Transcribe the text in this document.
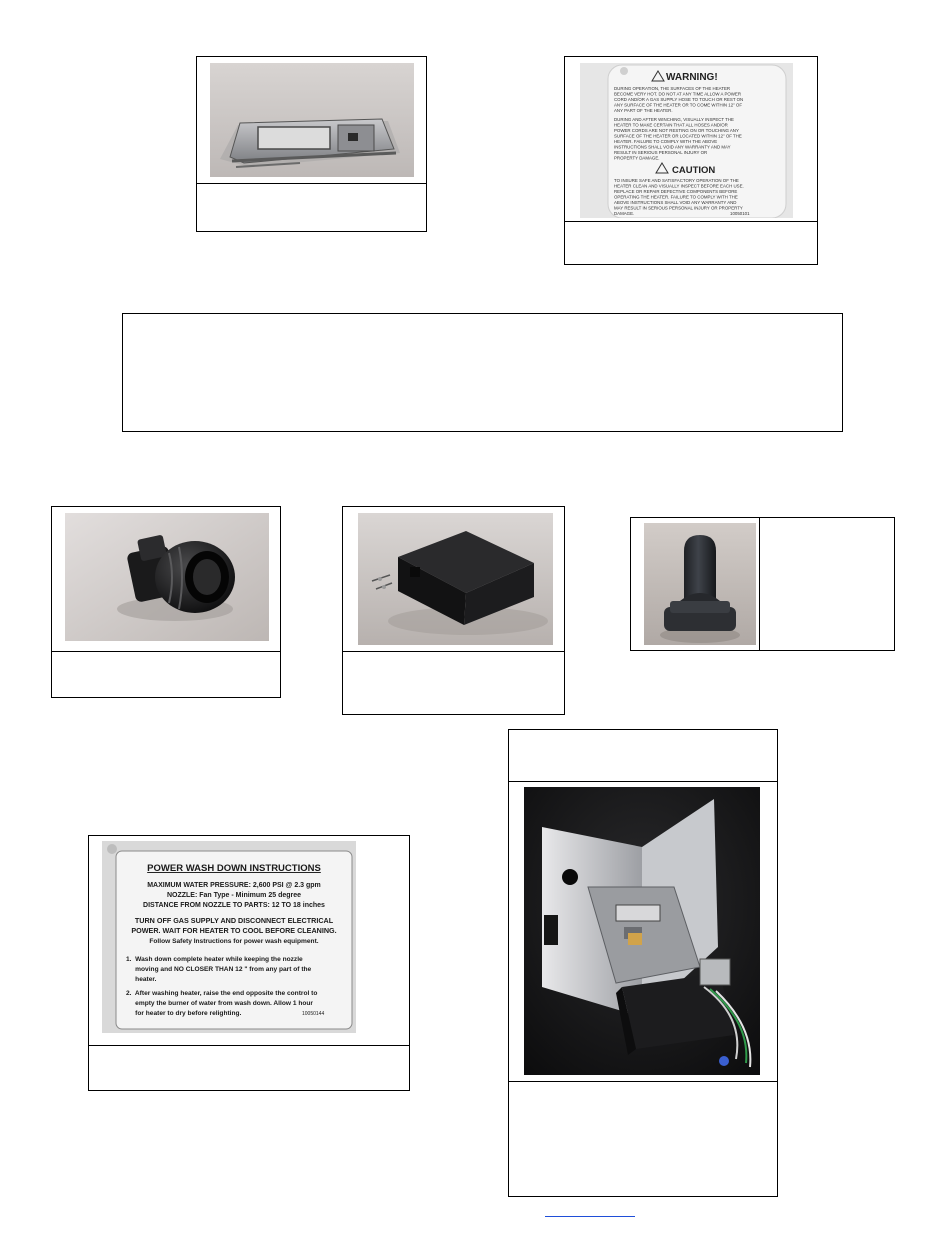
WARNING!
DURING OPERATION, THE SURFACES OF THE HEATER
BECOME VERY HOT. DO NOT AT ANY TIME ALLOW A POWER
CORD AND/OR A GAS SUPPLY HOSE TO TOUCH OR REST ON
ANY SURFACE OF THE HEATER OR TO COME WITHIN 12" OF
ANY PART OF THE HEATER.
DURING AND AFTER WINCHING, VISUALLY INSPECT THE
HEATER TO MAKE CERTAIN THAT ALL HOSES AND/OR
POWER CORDS ARE NOT RESTING ON OR TOUCHING ANY
SURFACE OF THE HEATER OR LOCATED WITHIN 12" OF THE
HEATER. FAILURE TO COMPLY WITH THE ABOVE
INSTRUCTIONS SHALL VOID ANY WARRANTY AND MAY
RESULT IN SERIOUS PERSONAL INJURY OR
PROPERTY DAMAGE.
CAUTION
TO INSURE SAFE AND SATISFACTORY OPERATION OF THE
HEATER CLEAN AND VISUALLY INSPECT BEFORE EACH USE.
REPLACE OR REPAIR DEFECTIVE COMPONENTS BEFORE
OPERATING THE HEATER. FAILURE TO COMPLY WITH THE
ABOVE INSTRUCTIONS SHALL VOID ANY WARRANTY AND
MAY RESULT IN SERIOUS PERSONAL INJURY OR PROPERTY
DAMAGE.	10050101
POWER WASH DOWN INSTRUCTIONS
MAXIMUM WATER PRESSURE: 2,600 PSI @ 2.3 gpm
NOZZLE: Fan Type - Minimum 25 degree
DISTANCE FROM NOZZLE TO PARTS: 12 TO 18 inches
TURN OFF GAS SUPPLY AND DISCONNECT ELECTRICAL
POWER. WAIT FOR HEATER TO COOL BEFORE CLEANING.
Follow Safety Instructions for power wash equipment.
1.  Wash down complete heater while keeping the nozzle
moving and NO CLOSER THAN 12 " from any part of the
heater.
2.  After washing heater, raise the end opposite the control to
empty the burner of water from wash down. Allow 1 hour
for heater to dry before relighting.	10050144
